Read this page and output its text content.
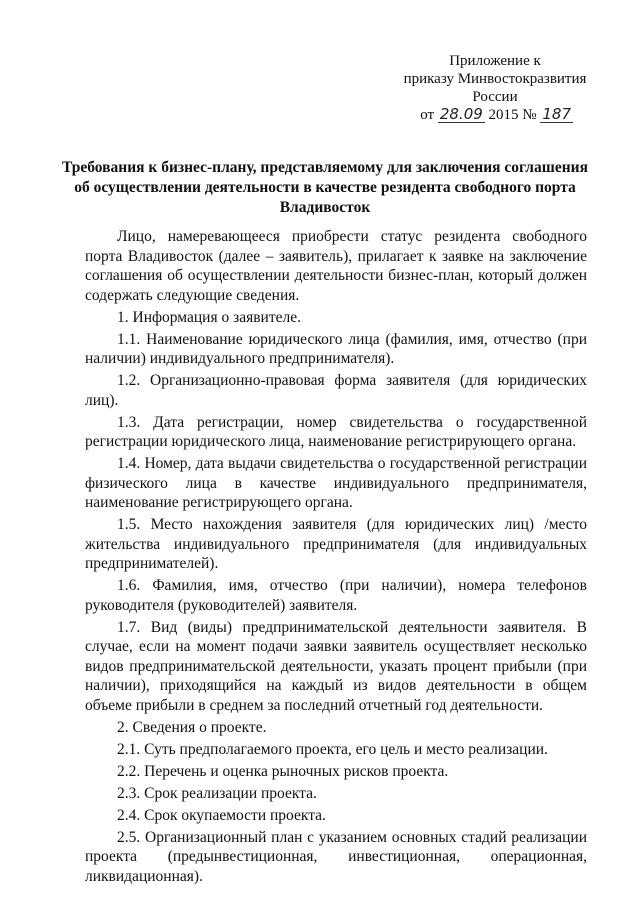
Приложение к
приказу Минвостокразвития
России
от 28.09 2015 № 187
Требования к бизнес-плану, представляемому для заключения соглашения об осуществлении деятельности в качестве резидента свободного порта Владивосток

Лицо, намеревающееся приобрести статус резидента свободного порта Владивосток (далее – заявитель), прилагает к заявке на заключение соглашения об осуществлении деятельности бизнес-план, который должен содержать следующие сведения.

1. Информация о заявителе.

1.1. Наименование юридического лица (фамилия, имя, отчество (при наличии) индивидуального предпринимателя).

1.2. Организационно-правовая форма заявителя (для юридических лиц).

1.3. Дата регистрации, номер свидетельства о государственной регистрации юридического лица, наименование регистрирующего органа.

1.4. Номер, дата выдачи свидетельства о государственной регистрации физического лица в качестве индивидуального предпринимателя, наименование регистрирующего органа.

1.5. Место нахождения заявителя (для юридических лиц) /место жительства индивидуального предпринимателя (для индивидуальных предпринимателей).

1.6. Фамилия, имя, отчество (при наличии), номера телефонов руководителя (руководителей) заявителя.

1.7. Вид (виды) предпринимательской деятельности заявителя. В случае, если на момент подачи заявки заявитель осуществляет несколько видов предпринимательской деятельности, указать процент прибыли (при наличии), приходящийся на каждый из видов деятельности в общем объеме прибыли в среднем за последний отчетный год деятельности.

2. Сведения о проекте.

2.1. Суть предполагаемого проекта, его цель и место реализации.

2.2. Перечень и оценка рыночных рисков проекта.

2.3. Срок реализации проекта.

2.4. Срок окупаемости проекта.

2.5. Организационный план с указанием основных стадий реализации проекта (предынвестиционная, инвестиционная, операционная, ликвидационная).
